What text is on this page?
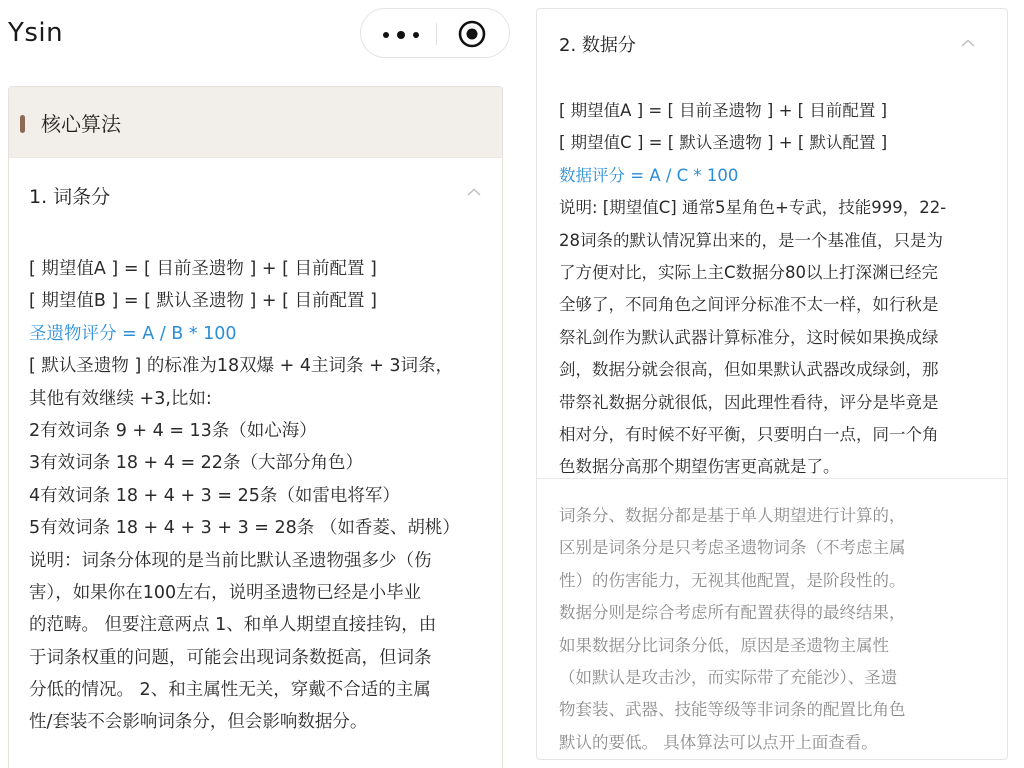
Ysin
核心算法
1. 词条分
[ 期望值A ] = [ 目前圣遗物 ] + [ 目前配置 ]
[ 期望值B ] = [ 默认圣遗物 ] + [ 目前配置 ]
圣遗物评分 = A / B * 100
[ 默认圣遗物 ] 的标准为18双爆 + 4主词条 + 3词条，
其他有效继续 +3,比如:
2有效词条 9 + 4 = 13条（如心海）
3有效词条 18 + 4 = 22条（大部分角色）
4有效词条 18 + 4 + 3 = 25条（如雷电将军）
5有效词条 18 + 4 + 3 + 3 = 28条 （如香菱、胡桃）
说明：词条分体现的是当前比默认圣遗物强多少（伤
害），如果你在100左右，说明圣遗物已经是小毕业
的范畴。 但要注意两点 1、和单人期望直接挂钩，由
于词条权重的问题，可能会出现词条数挺高，但词条
分低的情况。 2、和主属性无关，穿戴不合适的主属
性/套装不会影响词条分，但会影响数据分。
2. 数据分
[ 期望值A ] = [ 目前圣遗物 ] + [ 目前配置 ]
[ 期望值C ] = [ 默认圣遗物 ] + [ 默认配置 ]
数据评分 = A / C * 100
说明: [期望值C] 通常5星角色+专武，技能999，22-
28词条的默认情况算出来的，是一个基准值，只是为
了方便对比，实际上主C数据分80以上打深渊已经完
全够了，不同角色之间评分标准不太一样，如行秋是
祭礼剑作为默认武器计算标准分，这时候如果换成绿
剑，数据分就会很高，但如果默认武器改成绿剑，那
带祭礼数据分就很低，因此理性看待，评分是毕竟是
相对分，有时候不好平衡，只要明白一点，同一个角
色数据分高那个期望伤害更高就是了。
词条分、数据分都是基于单人期望进行计算的，
区别是词条分是只考虑圣遗物词条（不考虑主属
性）的伤害能力，无视其他配置，是阶段性的。
数据分则是综合考虑所有配置获得的最终结果，
如果数据分比词条分低，原因是圣遗物主属性
（如默认是攻击沙，而实际带了充能沙）、圣遗
物套装、武器、技能等级等非词条的配置比角色
默认的要低。 具体算法可以点开上面查看。
